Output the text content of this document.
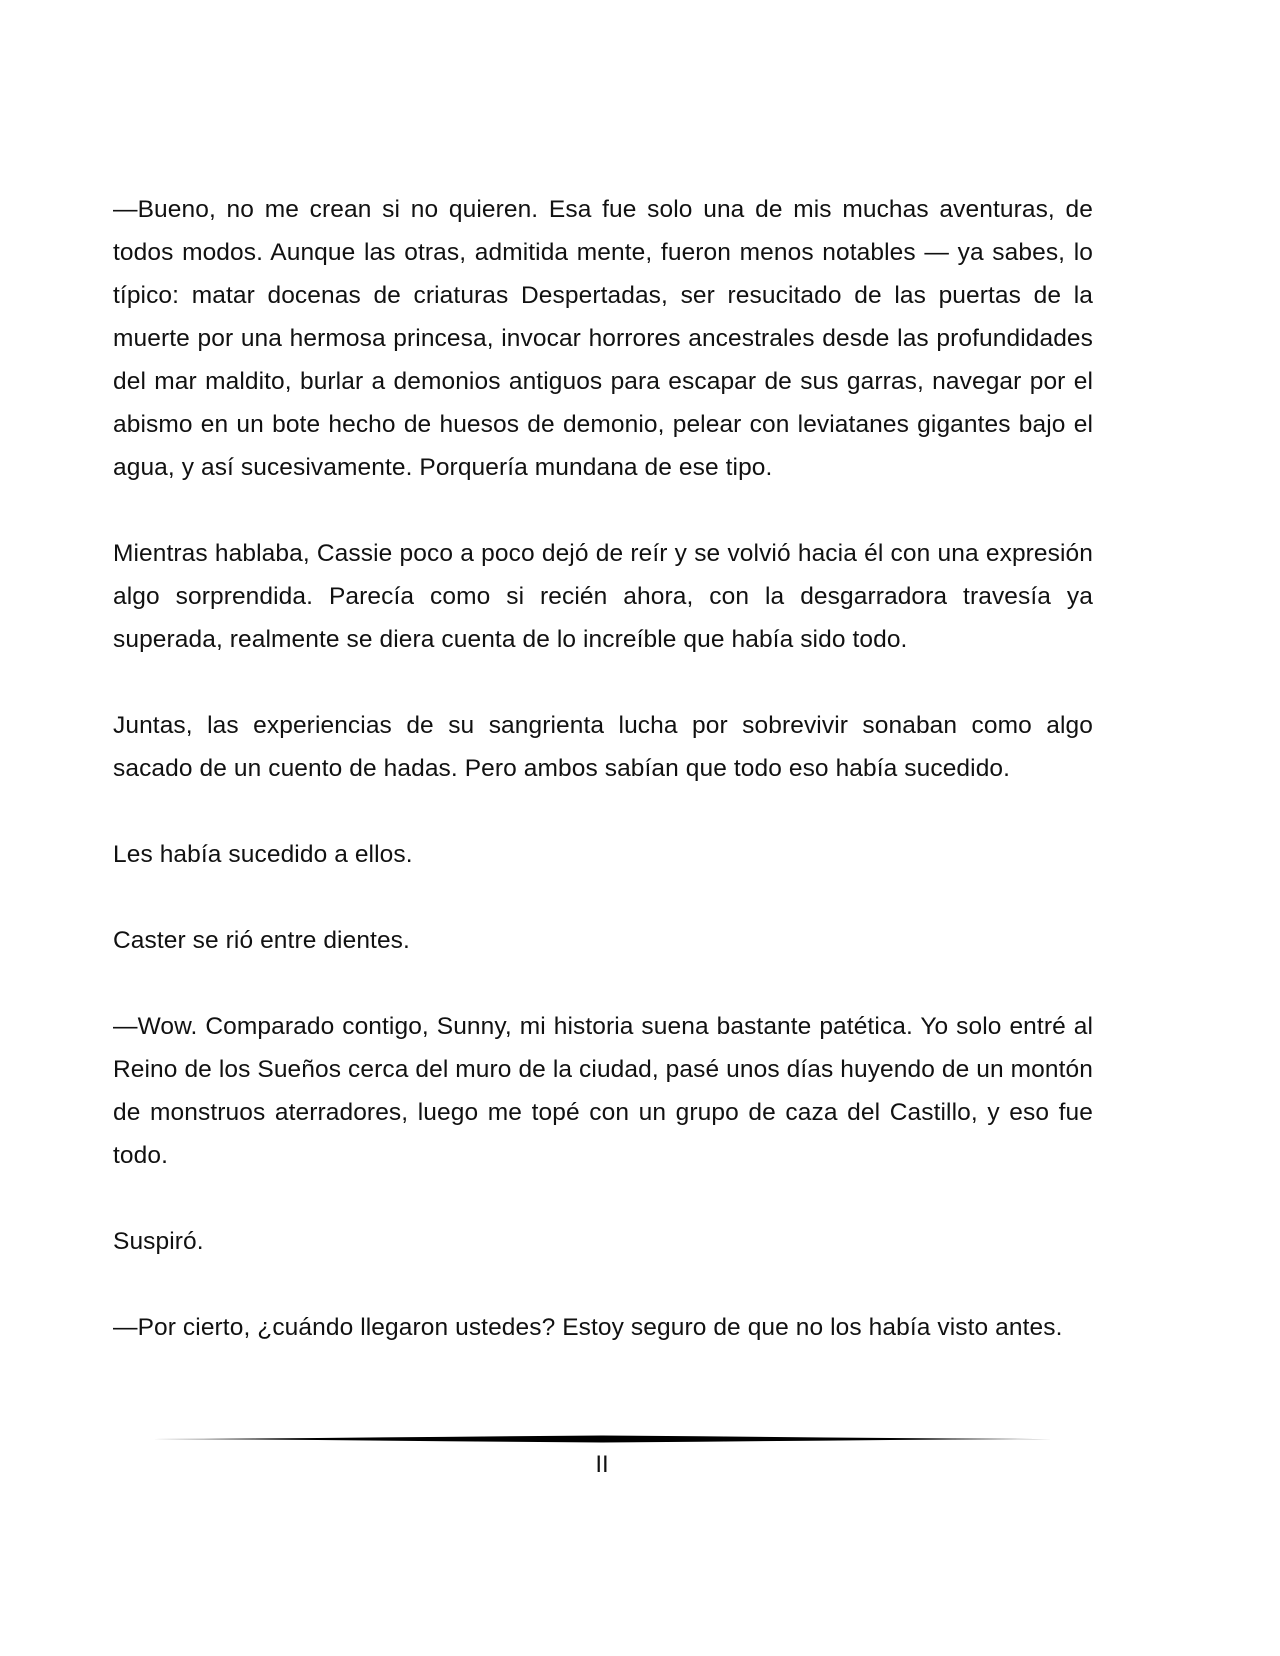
—Bueno, no me crean si no quieren. Esa fue solo una de mis muchas aventuras, de todos modos. Aunque las otras, admitida mente, fueron menos notables — ya sabes, lo típico: matar docenas de criaturas Despertadas, ser resucitado de las puertas de la muerte por una hermosa princesa, invocar horrores ancestrales desde las profundidades del mar maldito, burlar a demonios antiguos para escapar de sus garras, navegar por el abismo en un bote hecho de huesos de demonio, pelear con leviatanes gigantes bajo el agua, y así sucesivamente. Porquería mundana de ese tipo.

Mientras hablaba, Cassie poco a poco dejó de reír y se volvió hacia él con una expresión algo sorprendida. Parecía como si recién ahora, con la desgarradora travesía ya superada, realmente se diera cuenta de lo increíble que había sido todo.

Juntas, las experiencias de su sangrienta lucha por sobrevivir sonaban como algo sacado de un cuento de hadas. Pero ambos sabían que todo eso había sucedido.

Les había sucedido a ellos.

Caster se rió entre dientes.

—Wow. Comparado contigo, Sunny, mi historia suena bastante patética. Yo solo entré al Reino de los Sueños cerca del muro de la ciudad, pasé unos días huyendo de un montón de monstruos aterradores, luego me topé con un grupo de caza del Castillo, y eso fue todo.

Suspiró.

—Por cierto, ¿cuándo llegaron ustedes? Estoy seguro de que no los había visto antes.

II
